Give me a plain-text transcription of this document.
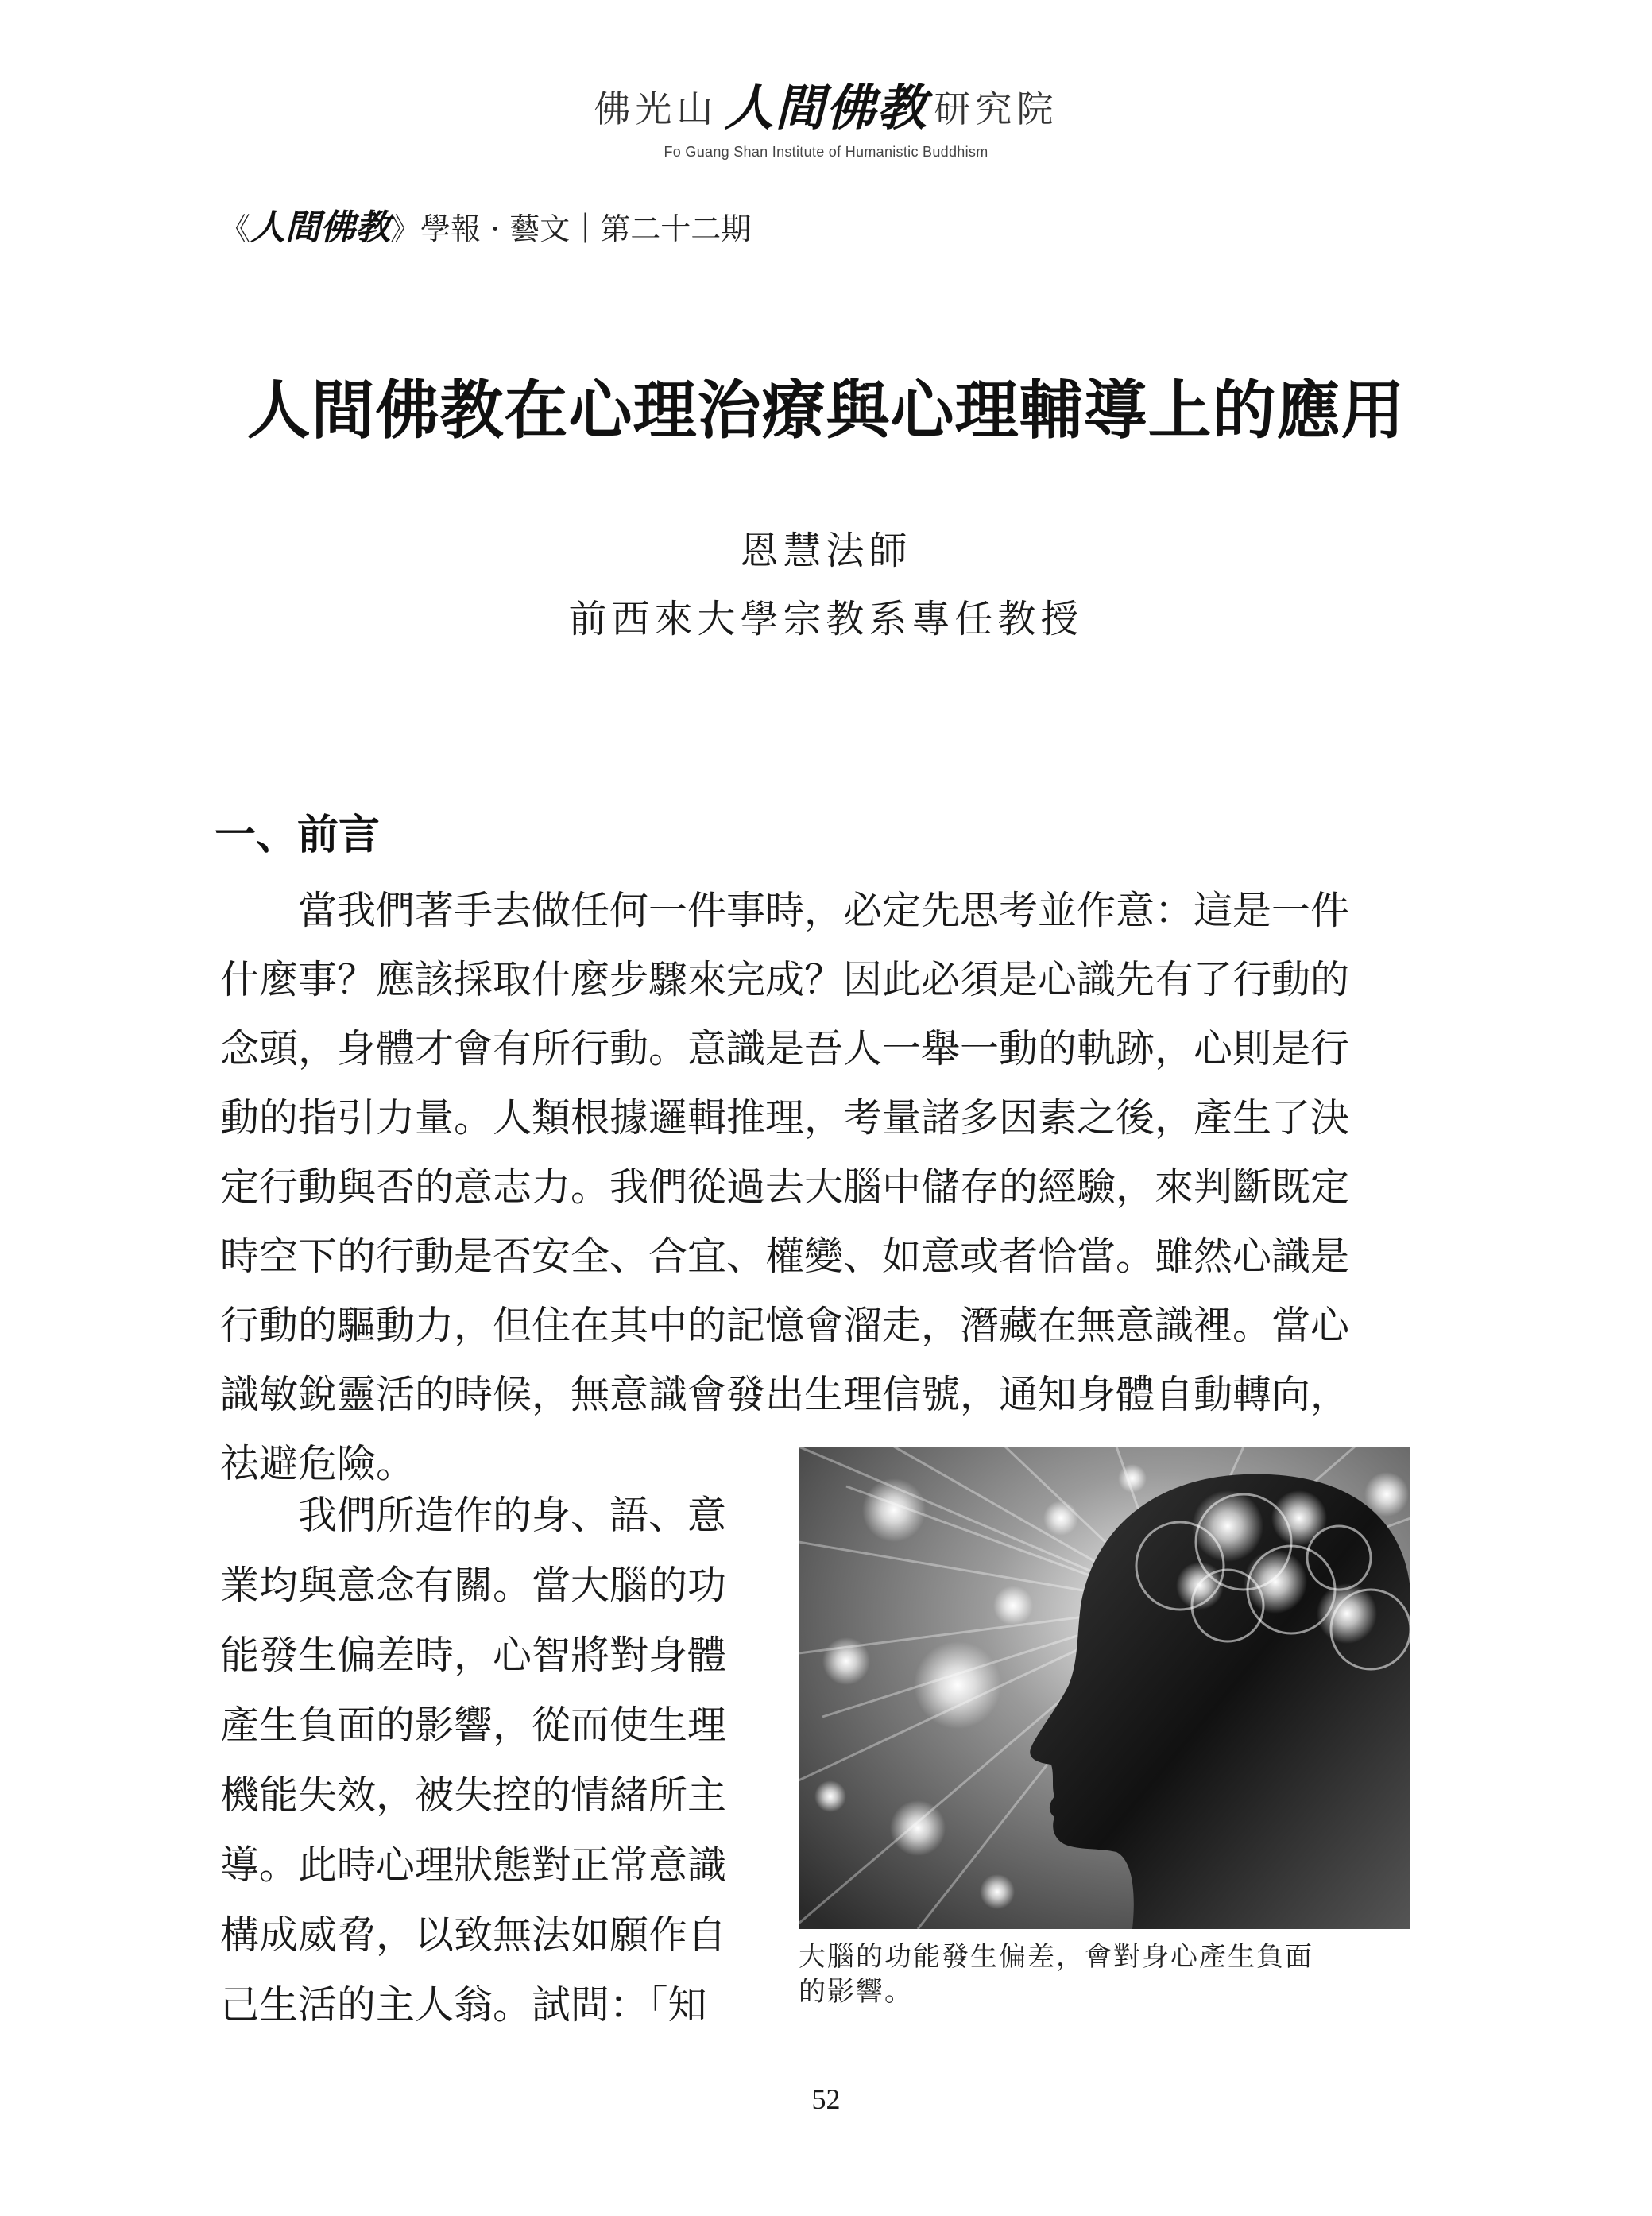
佛光山 人間佛教 研究院
Fo Guang Shan Institute of Humanistic Buddhism
《人間佛教》學報 · 藝文｜第二十二期
人間佛教在心理治療與心理輔導上的應用
恩慧法師
前西來大學宗教系專任教授
一、前言
　　當我們著手去做任何一件事時，必定先思考並作意：這是一件
什麼事？應該採取什麼步驟來完成？因此必須是心識先有了行動的
念頭，身體才會有所行動。意識是吾人一舉一動的軌跡，心則是行
動的指引力量。人類根據邏輯推理，考量諸多因素之後，產生了決
定行動與否的意志力。我們從過去大腦中儲存的經驗，來判斷既定
時空下的行動是否安全、合宜、權變、如意或者恰當。雖然心識是
行動的驅動力，但住在其中的記憶會溜走，潛藏在無意識裡。當心
識敏銳靈活的時候，無意識會發出生理信號，通知身體自動轉向，
祛避危險。
　　我們所造作的身、語、意
業均與意念有關。當大腦的功
能發生偏差時，心智將對身體
產生負面的影響，從而使生理
機能失效，被失控的情緒所主
導。此時心理狀態對正常意識
構成威脅，以致無法如願作自
己生活的主人翁。試問：「知
大腦的功能發生偏差，會對身心產生負面
的影響。
52
